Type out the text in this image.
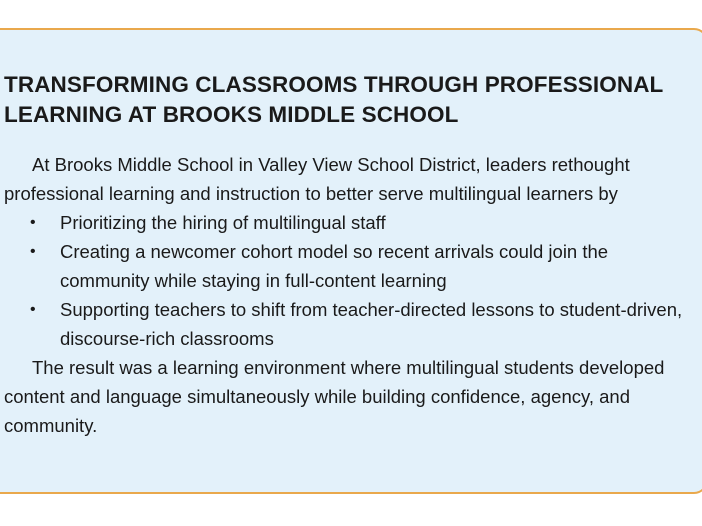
TRANSFORMING CLASSROOMS THROUGH PROFESSIONAL LEARNING AT BROOKS MIDDLE SCHOOL

At Brooks Middle School in Valley View School District, leaders rethought professional learning and instruction to better serve multilingual learners by

• Prioritizing the hiring of multilingual staff
• Creating a newcomer cohort model so recent arrivals could join the community while staying in full-content learning
• Supporting teachers to shift from teacher-directed lessons to student-driven, discourse-rich classrooms

The result was a learning environment where multilingual students developed content and language simultaneously while building confidence, agency, and community.
